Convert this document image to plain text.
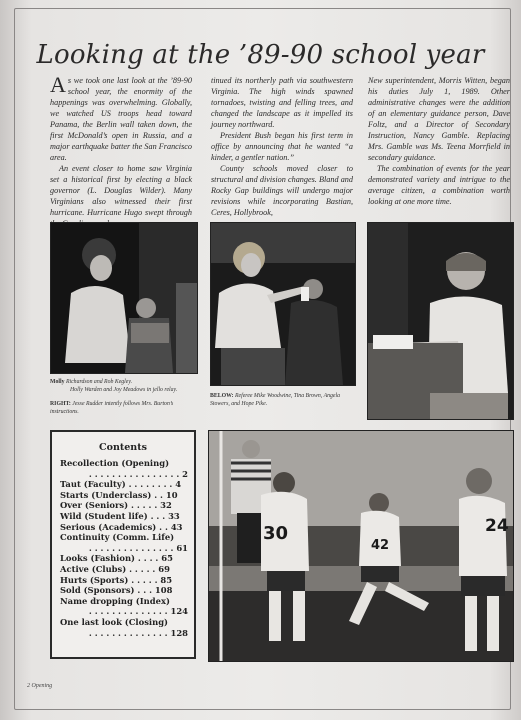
Looking at the ’89-90 school year

As we took one last look at the ’89-90 school year, the enormity of the happenings was overwhelming. Globally, we watched US troops head toward Panama, the Berlin wall taken down, the first McDonald’s open in Russia, and a major earthquake batter the San Francisco area.

An event closer to home saw Virginia set a historical first by electing a black governor (L. Douglas Wilder). Many Virginians also witnessed their first hurricane. Hurricane Hugo swept through

tinued its northerly path via southwestern Virginia. The high winds spawned tornadoes, twisting and felling trees, and changed the landscape as it impelled its journey northward.

President Bush began his first term in office by announcing that he wanted “a kinder, a gentler nation.”

County schools moved closer to structural and division changes. Bland and Rocky Gap buildings will undergo major revisions while incorporating Bastian, Ceres, Hollybrook,

New superintendent, Morris Witten, began his duties July 1, 1989. Other administrative changes were the addition of an elementary guidance person, Dave Foltz, and a Director of Secondary Instruction, Nancy Gamble. Replacing Mrs. Gamble was Ms. Teena Morrfield in secondary guidance.

The combination of events for the year demonstrated variety and intrigue to the average citizen, a combination worth looking at one more time.

Molly Richardson and Rob Kegley.
Holly Warden and Joy Meadows in jello relay.
RIGHT: Jesse Rudder intently follows Mrs. Burton’s instructions.
BELOW: Referee Mike Woodwine, Tina Brown, Angela Stowers, and Hope Pike.
Contents
Recollection (Opening)
. . . . . . . . . . . . . . . . 2
Taut (Faculty) . . . . . . . . 4
Starts (Underclass) . . 10
Over (Seniors) . . . . . 32
Wild (Student life) . . . 33
Serious (Academics) . . 43
Continuity (Comm. Life)
. . . . . . . . . . . . . . . 61
Looks (Fashion) . . . . 65
Active (Clubs) . . . . . 69
Hurts (Sports) . . . . . 85
Sold (Sponsors) . . . 108
Name dropping (Index)
. . . . . . . . . . . . . . 124
One last look (Closing)
. . . . . . . . . . . . . . 128
30
42
24
2 Opening
